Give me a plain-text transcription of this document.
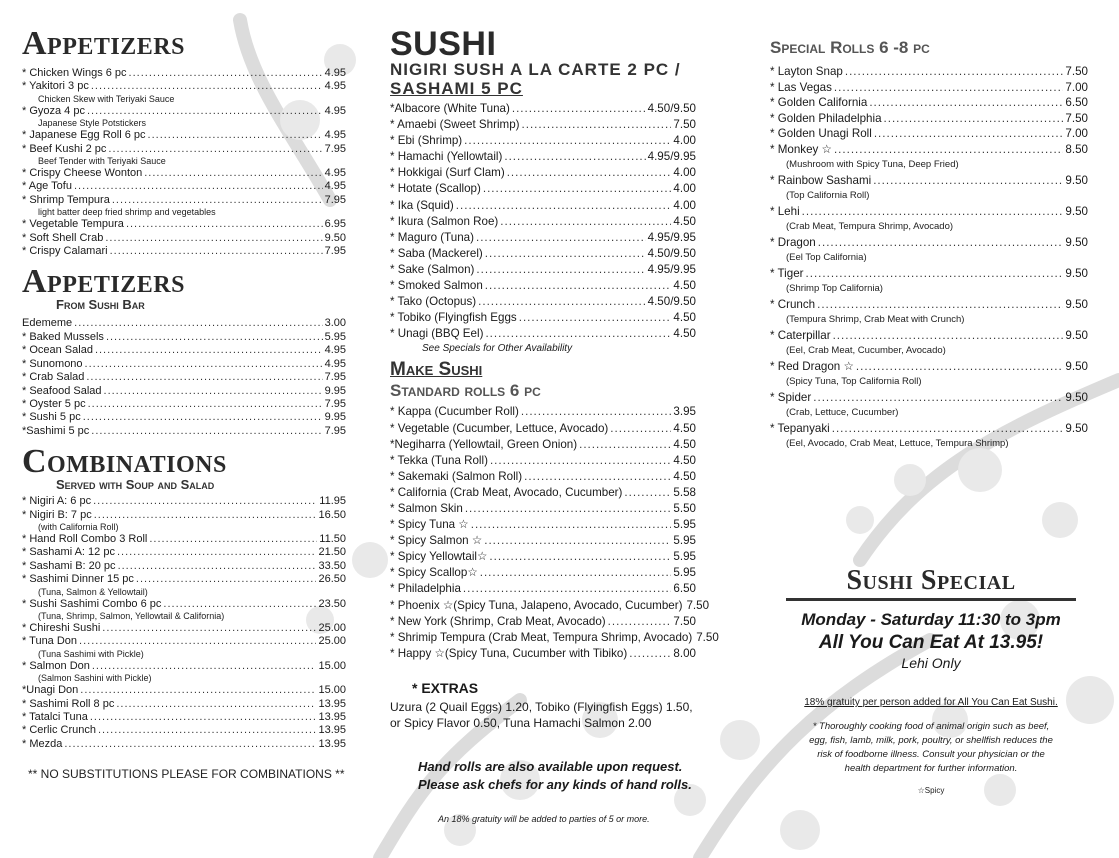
Appetizers
* Chicken Wings 6 pc .....	4.95
* Yakitori 3 pc .....	4.95
Chicken Skew with Teriyaki Sauce
* Gyoza 4 pc .....	4.95
Japanese Style Potstickers
* Japanese Egg Roll 6 pc .....	4.95
* Beef Kushi 2 pc .....	7.95
Beef Tender with Teriyaki Sauce
* Crispy Cheese Wonton .....	4.95
* Age Tofu .....	4.95
* Shrimp Tempura .....	7.95
light batter deep fried shrimp and vegetables
* Vegetable Tempura .....	6.95
* Soft Shell Crab .....	9.50
* Crispy Calamari .....	7.95
Appetizers
From Sushi Bar
Edememe .....	3.00
* Baked Mussels .....	5.95
* Ocean Salad .....	4.95
* Sunomono .....	4.95
* Crab Salad .....	7.95
* Seafood Salad .....	9.95
* Oyster 5 pc .....	7.95
* Sushi 5 pc .....	9.95
*Sashimi 5 pc .....	7.95
Combinations
Served with Soup and Salad
* Nigiri A: 6 pc .....	11.95
* Nigiri B: 7 pc .....	16.50
(with California Roll)
* Hand Roll Combo 3 Roll .....	11.50
* Sashami A: 12 pc .....	21.50
* Sashami B: 20 pc .....	33.50
* Sashimi Dinner 15 pc .....	26.50
(Tuna, Salmon & Yellowtail)
* Sushi Sashimi Combo 6 pc .....	23.50
(Tuna, Shrimp, Salmon, Yellowtail & California)
* Chireshi Sushi .....	25.00
* Tuna Don .....	25.00
(Tuna Sashimi with Pickle)
* Salmon Don .....	15.00
(Salmon Sashini with Pickle)
*Unagi Don .....	15.00
* Sashimi Roll 8 pc .....	13.95
* Tatalci Tuna .....	13.95
* Cerlic Crunch .....	13.95
* Mezda .....	13.95
** NO SUBSTITUTIONS PLEASE FOR COMBINATIONS **
SUSHI
NIGIRI SUSH A LA CARTE 2 PC /
SASHAMI 5 PC
*Albacore (White Tuna) .....	4.50/9.50
* Amaebi (Sweet Shrimp) .....	7.50
* Ebi (Shrimp) .....	4.00
* Hamachi (Yellowtail) .....	4.95/9.95
* Hokkigai (Surf Clam) .....	4.00
* Hotate (Scallop) .....	4.00
* Ika (Squid) .....	4.00
* Ikura (Salmon Roe) .....	4.50
* Maguro (Tuna) .....	4.95/9.95
* Saba (Mackerel) .....	4.50/9.50
* Sake (Salmon) .....	4.95/9.95
* Smoked Salmon .....	4.50
* Tako (Octopus) .....	4.50/9.50
* Tobiko (Flyingfish Eggs .....	4.50
* Unagi (BBQ Eel) .....	4.50
See Specials for Other Availability
Make Sushi
Standard rolls 6 pc
* Kappa (Cucumber Roll) .....	3.95
* Vegetable (Cucumber, Lettuce, Avocado) .....	4.50
*Negiharra (Yellowtail, Green Onion) .....	4.50
* Tekka (Tuna Roll) .....	4.50
* Sakemaki (Salmon Roll) .....	4.50
* California (Crab Meat, Avocado, Cucumber) .....	5.58
* Salmon Skin .....	5.50
* Spicy Tuna ☆ .....	5.95
* Spicy Salmon ☆ .....	5.95
* Spicy Yellowtail☆ .....	5.95
* Spicy Scallop☆ .....	5.95
* Philadelphia .....	6.50
* Phoenix ☆(Spicy Tuna, Jalapeno, Avocado, Cucumber) 7.50
* New York (Shrimp, Crab Meat, Avocado) .....	7.50
* Shrimip Tempura (Crab Meat, Tempura Shrimp, Avocado) 7.50
* Happy ☆(Spicy Tuna, Cucumber with Tibiko) .....	8.00
* EXTRAS
Uzura (2 Quail Eggs) 1.20, Tobiko (Flyingfish Eggs) 1.50,
or Spicy Flavor 0.50, Tuna Hamachi Salmon 2.00
Hand rolls are also available upon request.
Please ask chefs for any kinds of hand rolls.
An 18% gratuity will be added to parties of 5 or more.
Special Rolls 6 -8 pc
* Layton Snap .....	7.50
* Las Vegas .....	7.00
* Golden California .....	6.50
* Golden Philadelphia .....	7.50
* Golden Unagi Roll .....	7.00
* Monkey ☆ .....	8.50
(Mushroom with Spicy Tuna, Deep Fried)
* Rainbow Sashami .....	9.50
(Top California Roll)
* Lehi .....	9.50
(Crab Meat, Tempura Shrimp, Avocado)
* Dragon .....	9.50
(Eel Top California)
* Tiger .....	9.50
(Shrimp Top California)
* Crunch .....	9.50
(Tempura Shrimp, Crab Meat with Crunch)
* Caterpillar .....	9.50
(Eel, Crab Meat, Cucumber, Avocado)
* Red Dragon ☆ .....	9.50
(Spicy Tuna, Top California Roll)
* Spider .....	9.50
(Crab, Lettuce, Cucumber)
* Tepanyaki .....	9.50
(Eel, Avocado, Crab Meat, Lettuce, Tempura Shrimp)
Sushi Special
Monday - Saturday 11:30 to 3pm
All You Can Eat At 13.95!
Lehi Only
18% gratuity per person added for All You Can Eat Sushi.
* Thoroughly cooking food of animal origin such as beef,
egg, fish, lamb, milk, pork, poultry, or shellfish reduces the
risk of foodborne illness. Consult your physician or the
health department for further information.
☆Spicy
